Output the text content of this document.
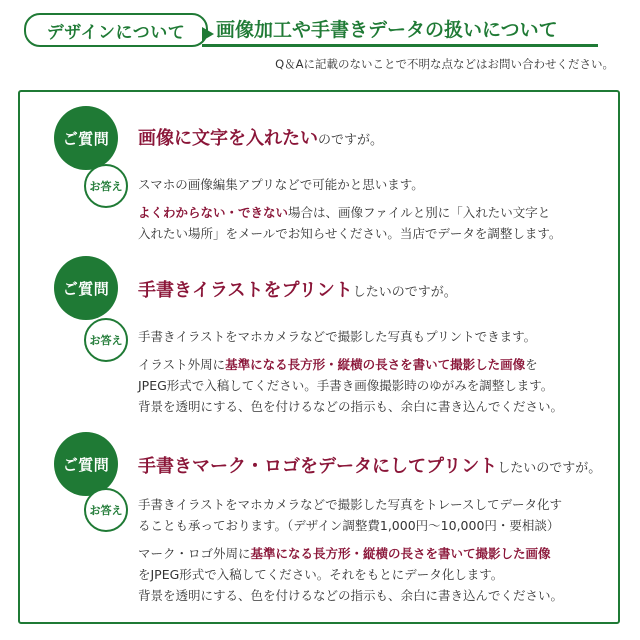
デザインについて	画像加工や手書きデータの扱いについて
Q＆Aに記載のないことで不明な点などはお問い合わせください。
ご質問	画像に文字を入れたいのですが。
お答え	スマホの画像編集アプリなどで可能かと思います。

よくわからない・できない場合は、画像ファイルと別に「入れたい文字と

入れたい場所」をメールでお知らせください。当店でデータを調整します。

ご質問	手書きイラストをプリントしたいのですが。
お答え	手書きイラストをマホカメラなどで撮影した写真もプリントできます。

イラスト外周に基準になる長方形・縦横の長さを書いて撮影した画像を

JPEG形式で入稿してください。手書き画像撮影時のゆがみを調整します。

背景を透明にする、色を付けるなどの指示も、余白に書き込んでください。

ご質問	手書きマーク・ロゴをデータにしてプリントしたいのですが。
お答え	手書きイラストをマホカメラなどで撮影した写真をトレースしてデータ化す

ることも承っております。（デザイン調整費1,000円〜10,000円・要相談）

マーク・ロゴ外周に基準になる長方形・縦横の長さを書いて撮影した画像

をJPEG形式で入稿してください。それをもとにデータ化します。

背景を透明にする、色を付けるなどの指示も、余白に書き込んでください。
